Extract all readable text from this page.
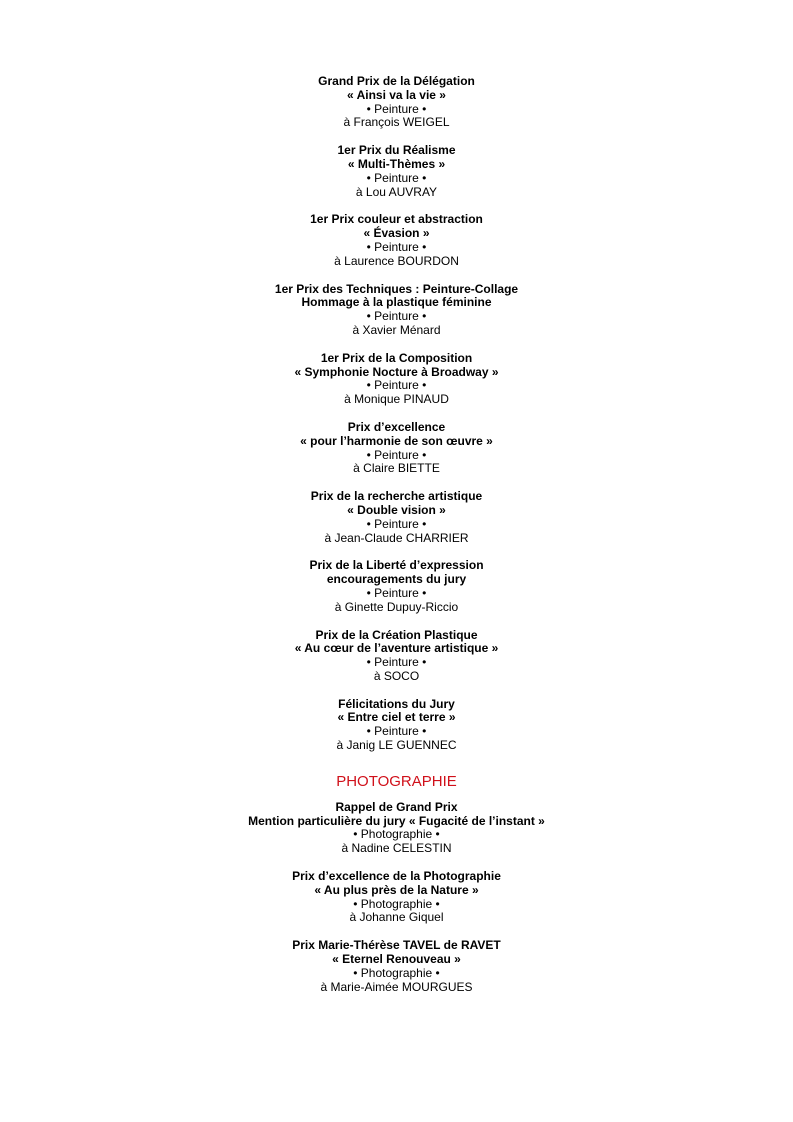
Grand Prix de la Délégation
« Ainsi va la vie »
• Peinture •
à François WEIGEL
1er Prix du Réalisme
« Multi-Thèmes »
• Peinture •
à Lou AUVRAY
1er Prix couleur et abstraction
« Évasion »
• Peinture •
à Laurence BOURDON
1er Prix des Techniques : Peinture-Collage
Hommage à la plastique féminine
• Peinture •
à Xavier Ménard
1er Prix de la Composition
« Symphonie Nocture à Broadway »
• Peinture •
à Monique PINAUD
Prix d’excellence
« pour l’harmonie de son œuvre »
• Peinture •
à Claire BIETTE
Prix de la recherche artistique
« Double vision »
• Peinture •
à Jean-Claude CHARRIER
Prix de la Liberté d’expression
encouragements du jury
• Peinture •
à Ginette Dupuy-Riccio
Prix de la Création Plastique
« Au cœur de l’aventure artistique »
• Peinture •
à SOCO
Félicitations du Jury
« Entre ciel et terre »
• Peinture •
à Janig LE GUENNEC
PHOTOGRAPHIE
Rappel de Grand Prix
Mention particulière du jury « Fugacité de l’instant »
• Photographie •
à Nadine CELESTIN
Prix d’excellence de la Photographie
« Au plus près de la Nature »
• Photographie •
à Johanne Giquel
Prix Marie-Thérèse TAVEL de RAVET
« Eternel Renouveau »
• Photographie •
à Marie-Aimée MOURGUES
